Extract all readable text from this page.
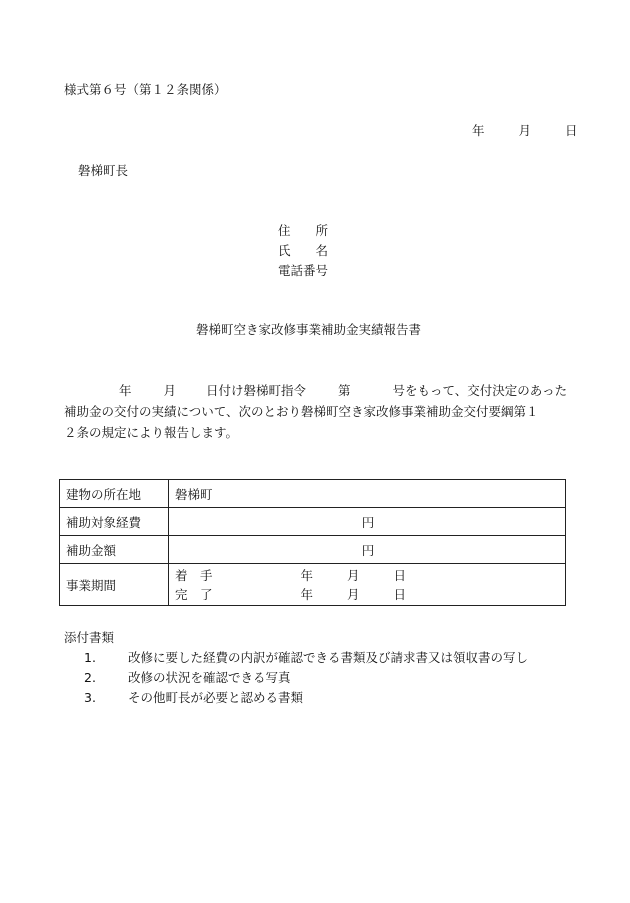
様式第６号（第１２条関係）
年	月	日
磐梯町長
住　　所
氏　　名
電話番号
磐梯町空き家改修事業補助金実績報告書
年	月 日付け磐梯町指令	第	号をもって、交付決定のあった
補助金の交付の実績について、次のとおり磐梯町空き家改修事業補助金交付要綱第１
２条の規定により報告します。
建物の所在地	磐梯町
補助対象経費	円
補助金額	円
事業期間	着　手 年 月 日
完　了 年 月 日
添付書類
1.	改修に要した経費の内訳が確認できる書類及び請求書又は領収書の写し
2.	改修の状況を確認できる写真
3.	その他町長が必要と認める書類
